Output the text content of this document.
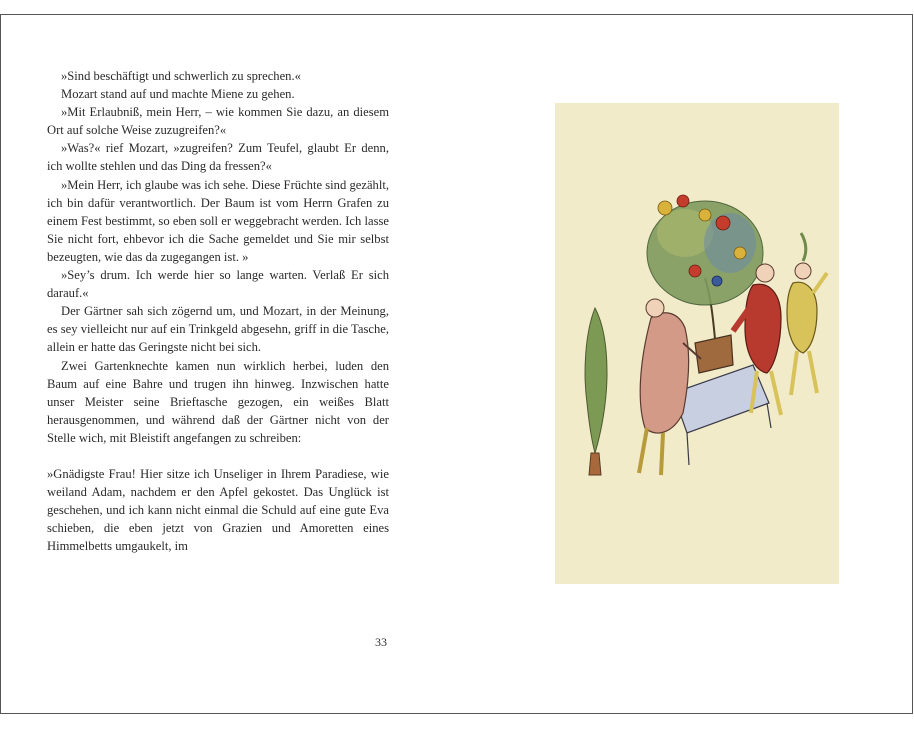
»Sind beschäftigt und schwerlich zu sprechen.«

Mozart stand auf und machte Miene zu gehen.

»Mit Erlaubniß, mein Herr, – wie kommen Sie dazu, an diesem Ort auf solche Weise zuzugreifen?«

»Was?« rief Mozart, »zugreifen? Zum Teufel, glaubt Er denn, ich wollte stehlen und das Ding da fressen?«

»Mein Herr, ich glaube was ich sehe. Diese Früchte sind gezählt, ich bin dafür verantwortlich. Der Baum ist vom Herrn Grafen zu einem Fest bestimmt, so eben soll er weggebracht werden. Ich lasse Sie nicht fort, ehbevor ich die Sache gemeldet und Sie mir selbst bezeugten, wie das da zugegangen ist. »

»Sey’s drum. Ich werde hier so lange warten. Verlaß Er sich darauf.«

Der Gärtner sah sich zögernd um, und Mozart, in der Meinung, es sey vielleicht nur auf ein Trinkgeld abgesehn, griff in die Tasche, allein er hatte das Geringste nicht bei sich.

Zwei Gartenknechte kamen nun wirklich herbei, luden den Baum auf eine Bahre und trugen ihn hinweg. Inzwischen hatte unser Meister seine Brieftasche gezogen, ein weißes Blatt herausgenommen, und während daß der Gärtner nicht von der Stelle wich, mit Bleistift angefangen zu schreiben:

»Gnädigste Frau! Hier sitze ich Unseliger in Ihrem Paradiese, wie weiland Adam, nachdem er den Apfel gekostet. Das Unglück ist geschehen, und ich kann nicht einmal die Schuld auf eine gute Eva schieben, die eben jetzt von Grazien und Amoretten eines Himmelbetts umgaukelt, im

33
